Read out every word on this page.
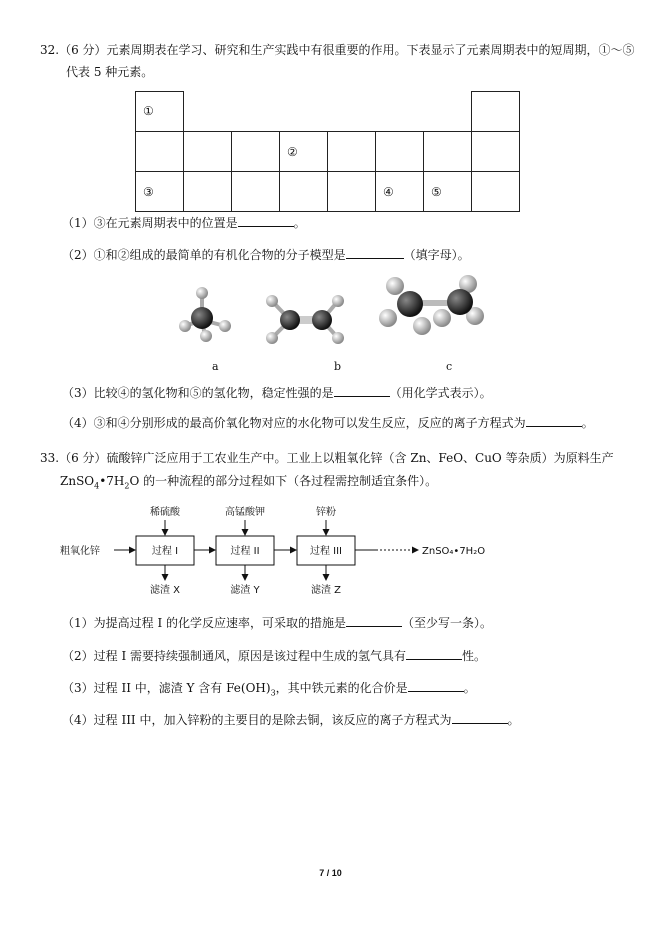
32.（6 分）元素周期表在学习、研究和生产实践中有很重要的作用。下表显示了元素周期表中的短周期，①～⑤
代表 5 种元素。
①							
			②				
③					④	⑤	
（1）③在元素周期表中的位置是	。
（2）①和②组成的最简单的有机化合物的分子模型是	（填字母）。
a	b	c
（3）比较④的氢化物和⑤的氢化物，稳定性强的是	（用化学式表示）。
（4）③和④分别形成的最高价氧化物对应的水化物可以发生反应，反应的离子方程式为	。
33.（6 分）硫酸锌广泛应用于工农业生产中。工业上以粗氧化锌（含 Zn、FeO、CuO 等杂质）为原料生产
$ZnSO_4•7H_2O$ 的一种流程的部分过程如下（各过程需控制适宜条件）。
粗氧化锌
稀硫酸	高锰酸钾	锌粉
过程 I	过程 II	过程 III
滤渣 X	滤渣 Y	滤渣 Z
ZnSO₄•7H₂O
（1）为提高过程 I 的化学反应速率，可采取的措施是	（至少写一条）。
（2）过程 I 需要持续强制通风，原因是该过程中生成的氢气具有	性。
（3）过程 II 中，滤渣 Y 含有 $Fe(OH)_3$，其中铁元素的化合价是	。
（4）过程 III 中，加入锌粉的主要目的是除去铜，该反应的离子方程式为	。
7 / 10
